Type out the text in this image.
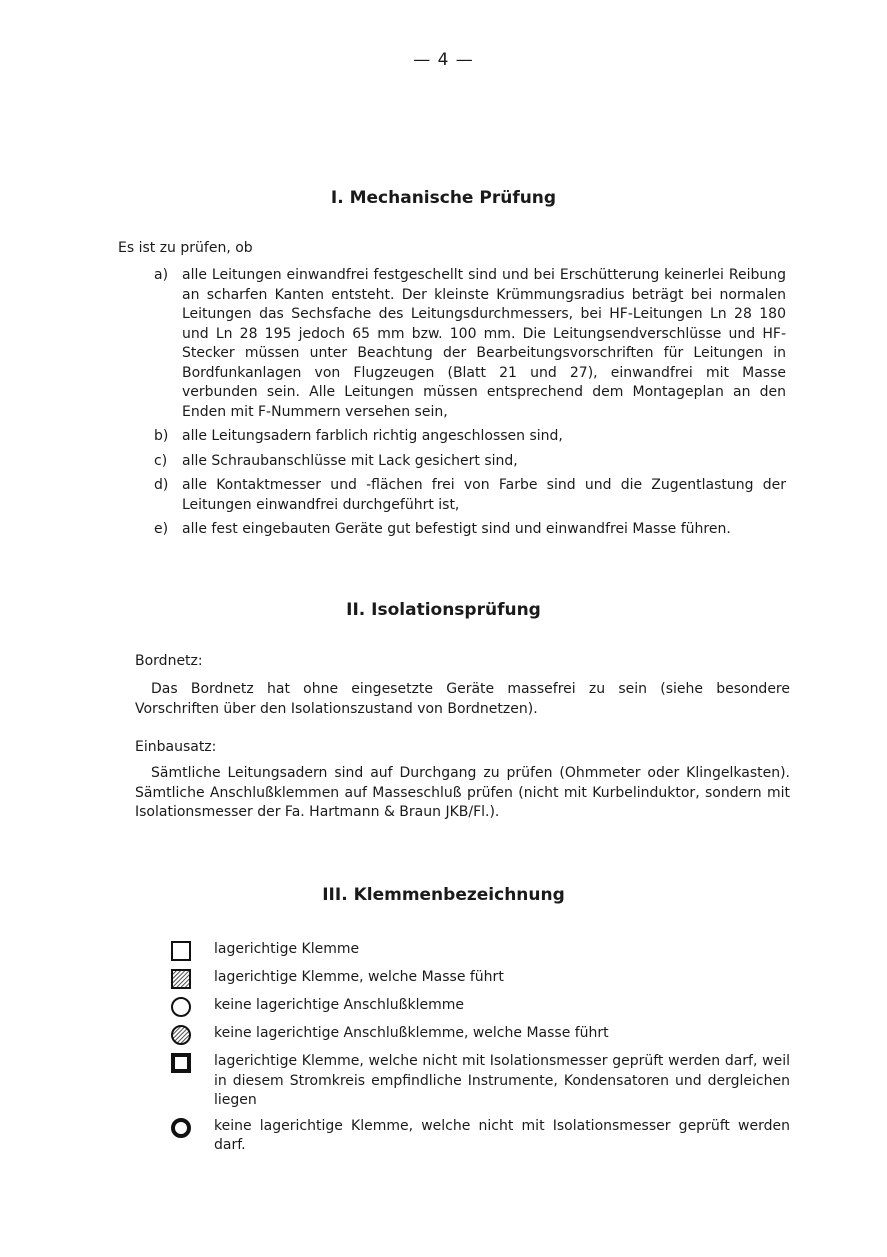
— 4 —
I. Mechanische Prüfung
Es ist zu prüfen, ob
a) alle Leitungen einwandfrei festgeschellt sind und bei Erschütterung keinerlei Reibung an scharfen Kanten entsteht. Der kleinste Krümmungsradius beträgt bei normalen Leitungen das Sechsfache des Leitungsdurchmessers, bei HF-Leitungen Ln 28 180 und Ln 28 195 jedoch 65 mm bzw. 100 mm. Die Leitungsendverschlüsse und HF-Stecker müssen unter Beachtung der Bearbeitungsvorschriften für Leitungen in Bordfunkanlagen von Flugzeugen (Blatt 21 und 27), einwandfrei mit Masse verbunden sein. Alle Leitungen müssen entsprechend dem Montageplan an den Enden mit F-Nummern versehen sein,
b) alle Leitungsadern farblich richtig angeschlossen sind,
c)	alle Schraubanschlüsse mit Lack gesichert sind,
d) alle Kontaktmesser und -flächen frei von Farbe sind und die Zugentlastung der Leitungen einwandfrei durchgeführt ist,
e) alle fest eingebauten Geräte gut befestigt sind und einwandfrei Masse führen.
II. Isolationsprüfung
Bordnetz:
Das Bordnetz hat ohne eingesetzte Geräte massefrei zu sein (siehe besondere Vorschriften über den Isolationszustand von Bordnetzen).
Einbausatz:
Sämtliche Leitungsadern sind auf Durchgang zu prüfen (Ohmmeter oder Klingelkasten). Sämtliche Anschlußklemmen auf Masseschluß prüfen (nicht mit Kurbelinduktor, sondern mit Isolationsmesser der Fa. Hartmann & Braun JKB/Fl.).
III. Klemmenbezeichnung
lagerichtige Klemme
lagerichtige Klemme, welche Masse führt
keine lagerichtige Anschlußklemme
keine lagerichtige Anschlußklemme, welche Masse führt
lagerichtige Klemme, welche nicht mit Isolationsmesser geprüft werden darf, weil in diesem Stromkreis empfindliche Instrumente, Kondensatoren und dergleichen liegen
keine lagerichtige Klemme, welche nicht mit Isolationsmesser geprüft werden darf.
